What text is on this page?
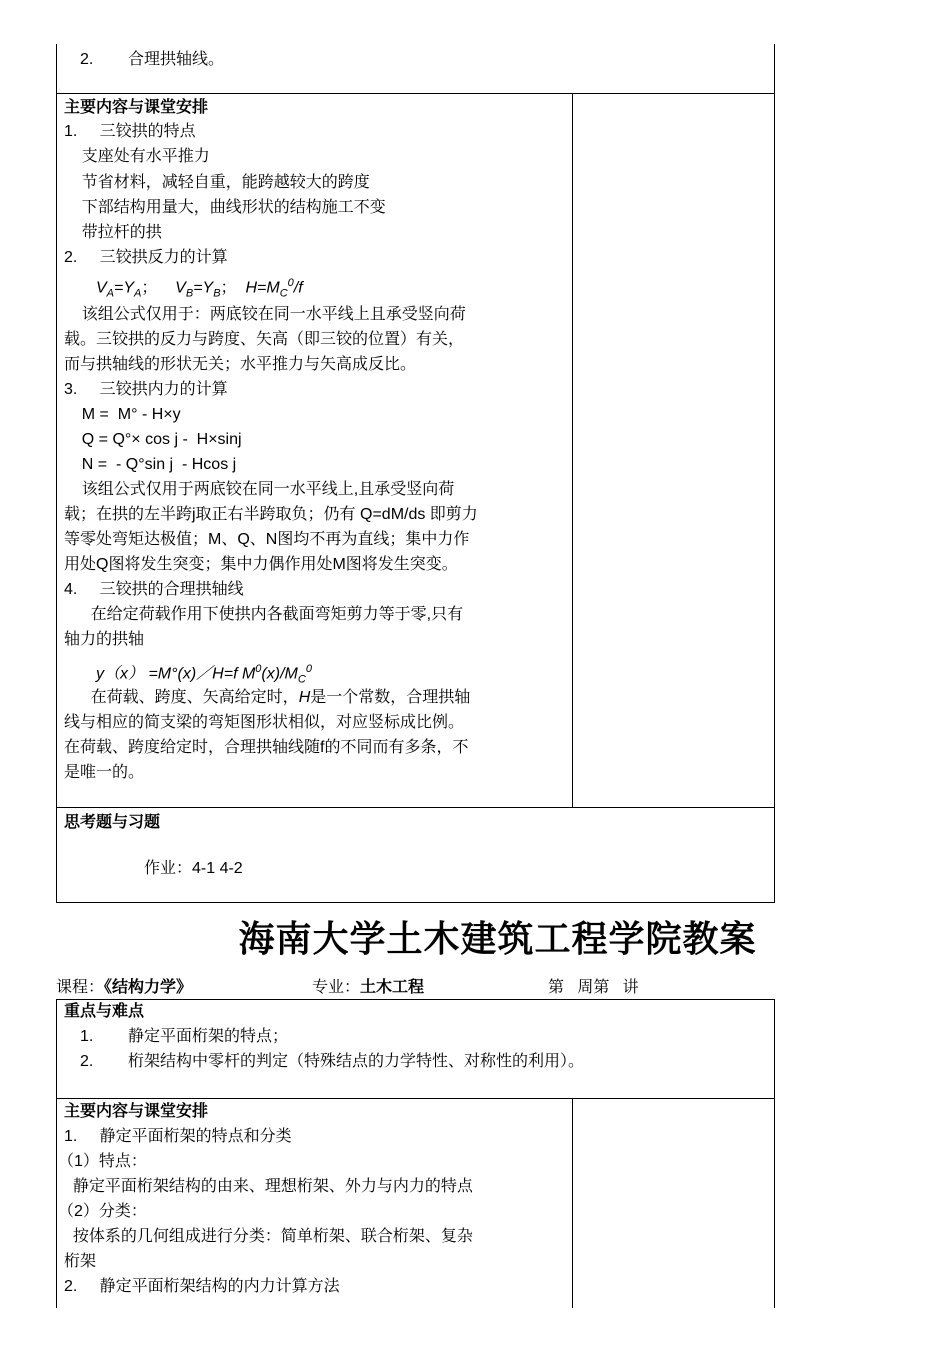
2. 合理拱轴线。
主要内容与课堂安排
1.     三铰拱的特点
支座处有水平推力
节省材料，减轻自重，能跨越较大的跨度
下部结构用量大，曲线形状的结构施工不变
带拉杆的拱
2.     三铰拱反力的计算
$V_A=Y_A$；    $V_B=Y_B$；  $H=M_C^0/f$
该组公式仅用于：两底铰在同一水平线上且承受竖向荷
载。三铰拱的反力与跨度、矢高（即三铰的位置）有关，
而与拱轴线的形状无关；水平推力与矢高成反比。
3.     三铰拱内力的计算
M =  M° - H×y
Q = Q°× cos j -  H×sinj
N =  - Q°sin j  - Hcos j
该组公式仅用于两底铰在同一水平线上,且承受竖向荷
载；在拱的左半跨j取正右半跨取负；仍有 Q=dM/ds 即剪力
等零处弯矩达极值；M、Q、N图均不再为直线；集中力作
用处Q图将发生突变；集中力偶作用处M图将发生突变。
4.     三铰拱的合理拱轴线
在给定荷载作用下使拱内各截面弯矩剪力等于零,只有
轴力的拱轴
y（x） =M°(x)／H=f $M^0(x)/M_C^0$
在荷载、跨度、矢高给定时，H是一个常数，合理拱轴
线与相应的简支梁的弯矩图形状相似，对应竖标成比例。
在荷载、跨度给定时，合理拱轴线随f的不同而有多条，不
是唯一的。
思考题与习题
作业：4-1 4-2
海南大学土木建筑工程学院教案
课程：《结构力学》	专业：土木工程	第   周第   讲
重点与难点
1. 静定平面桁架的特点；
2. 桁架结构中零杆的判定（特殊结点的力学特性、对称性的利用）。
主要内容与课堂安排
1.     静定平面桁架的特点和分类
（1）特点：
静定平面桁架结构的由来、理想桁架、外力与内力的特点
（2）分类：
按体系的几何组成进行分类：简单桁架、联合桁架、复杂
桁架
2.     静定平面桁架结构的内力计算方法
